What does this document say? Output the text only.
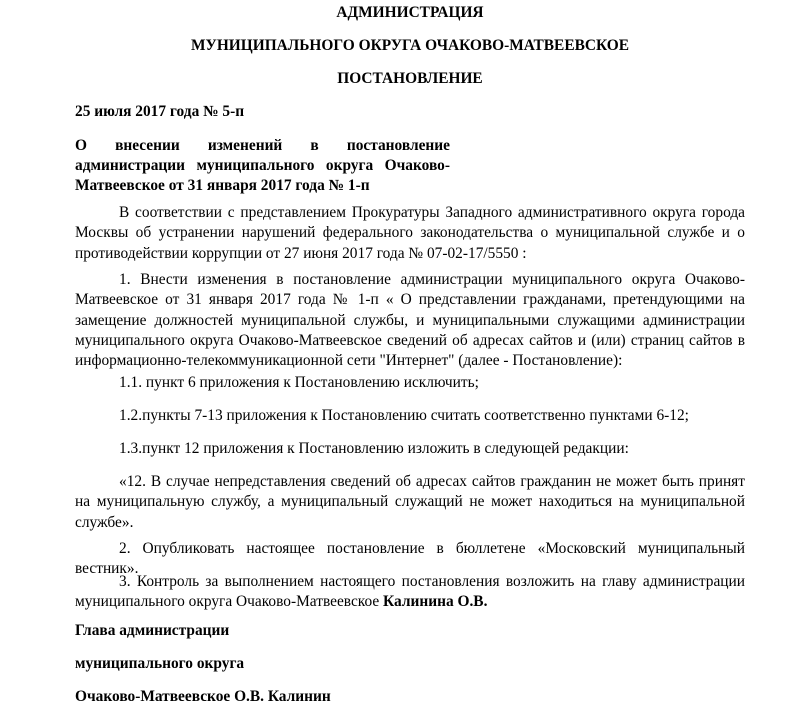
АДМИНИСТРАЦИЯ
МУНИЦИПАЛЬНОГО ОКРУГА ОЧАКОВО-МАТВЕЕВСКОЕ
ПОСТАНОВЛЕНИЕ
25 июля 2017 года № 5-п
О внесении изменений в постановление администрации муниципального округа Очаково-Матвеевское от 31 января 2017 года № 1-п
В соответствии с представлением Прокуратуры Западного административного округа города Москвы об устранении нарушений федерального законодательства о муниципальной службе и о противодействии коррупции от 27 июня 2017 года № 07-02-17/5550 :
1. Внести изменения в постановление администрации муниципального округа Очаково-Матвеевское от 31 января 2017 года № 1-п « О представлении гражданами, претендующими на замещение должностей муниципальной службы, и муниципальными служащими администрации муниципального округа Очаково-Матвеевское сведений об адресах сайтов и (или) страниц сайтов в информационно-телекоммуникационной сети "Интернет" (далее - Постановление):
1.1. пункт 6 приложения к Постановлению исключить;
1.2.пункты 7-13 приложения к Постановлению считать соответственно пунктами 6-12;
1.3.пункт 12 приложения к Постановлению изложить в следующей редакции:
«12. В случае непредставления сведений об адресах сайтов гражданин не может быть принят на муниципальную службу, а муниципальный служащий не может находиться на муниципальной службе».
2. Опубликовать настоящее постановление в бюллетене «Московский муниципальный вестник».
3. Контроль за выполнением настоящего постановления возложить на главу администрации муниципального округа Очаково-Матвеевское Калинина О.В.
Глава администрации
муниципального округа
Очаково-Матвеевское О.В. Калинин
